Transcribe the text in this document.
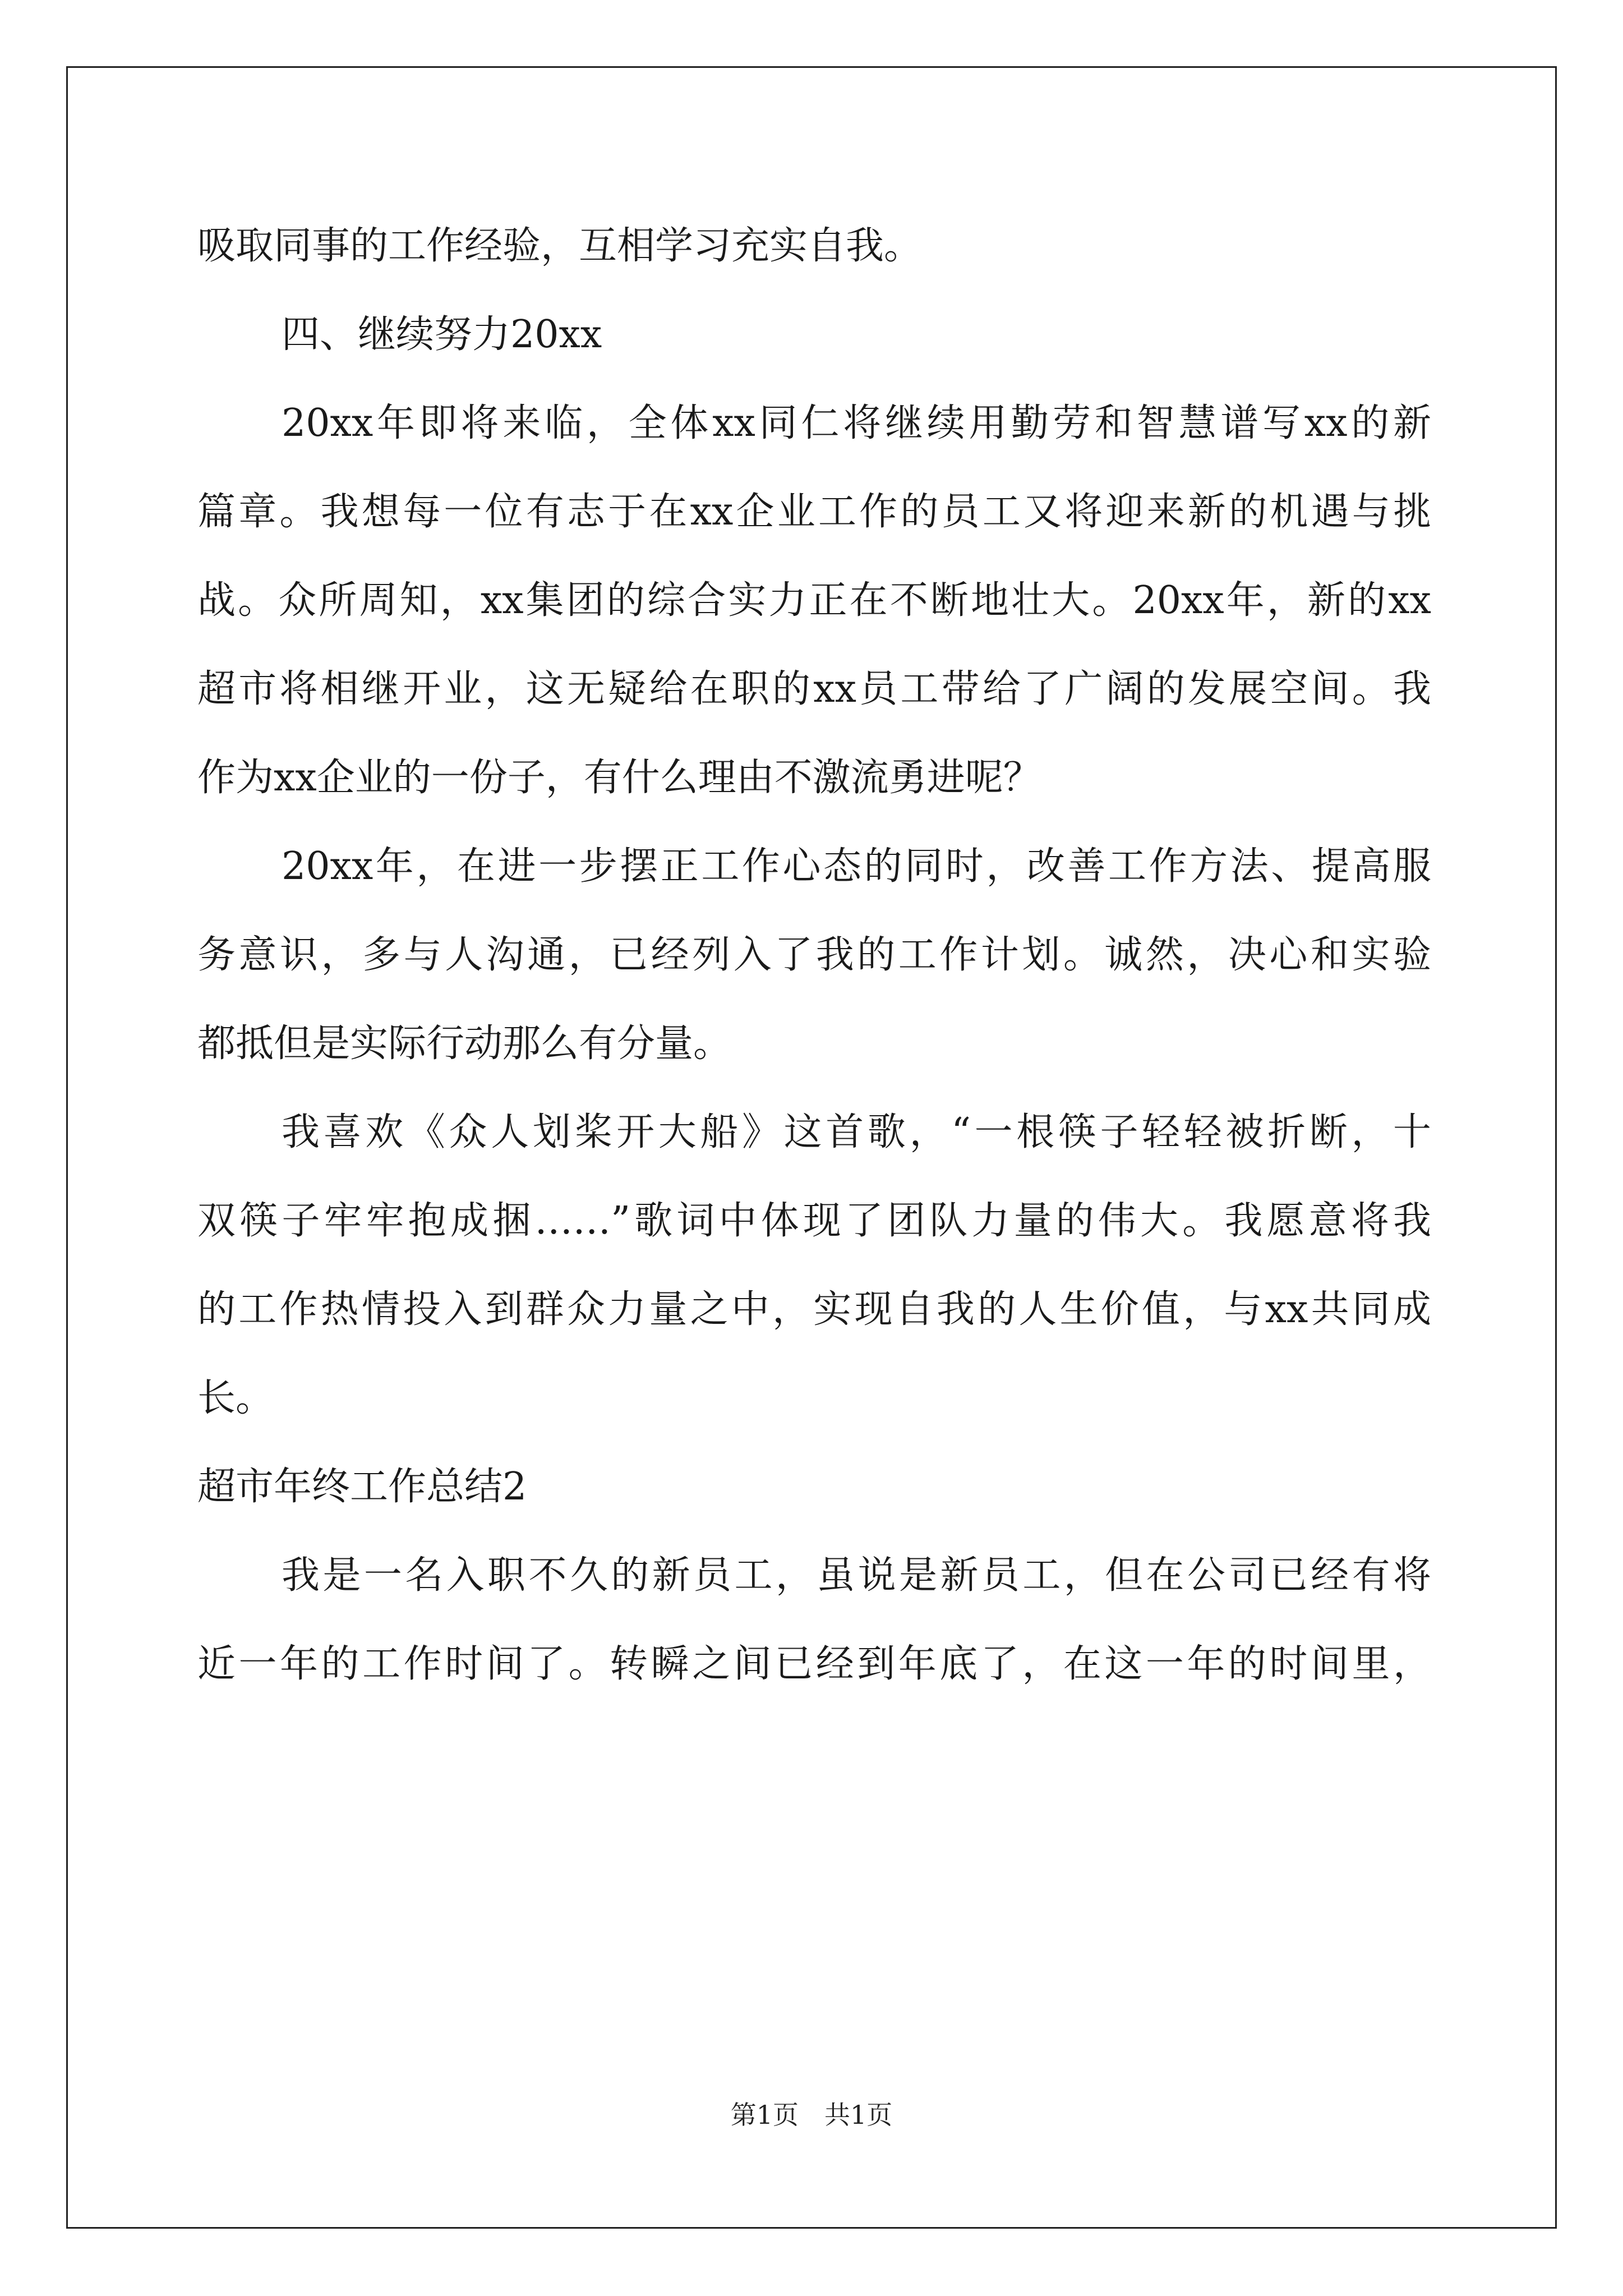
吸取同事的工作经验，互相学习充实自我。
四、继续努力20xx
20xx年即将来临，全体xx同仁将继续用勤劳和智慧谱写xx的新
篇章。我想每一位有志于在xx企业工作的员工又将迎来新的机遇与挑
战。众所周知，xx集团的综合实力正在不断地壮大。20xx年，新的xx
超市将相继开业，这无疑给在职的xx员工带给了广阔的发展空间。我
作为xx企业的一份子，有什么理由不激流勇进呢？
20xx年，在进一步摆正工作心态的同时，改善工作方法、提高服
务意识，多与人沟通，已经列入了我的工作计划。诚然，决心和实验
都抵但是实际行动那么有分量。
我喜欢《众人划桨开大船》这首歌，“一根筷子轻轻被折断，十
双筷子牢牢抱成捆……”歌词中体现了团队力量的伟大。我愿意将我
的工作热情投入到群众力量之中，实现自我的人生价值，与xx共同成
长。
超市年终工作总结2
我是一名入职不久的新员工，虽说是新员工，但在公司已经有将
近一年的工作时间了。转瞬之间已经到年底了，在这一年的时间里，
第1页　共1页
